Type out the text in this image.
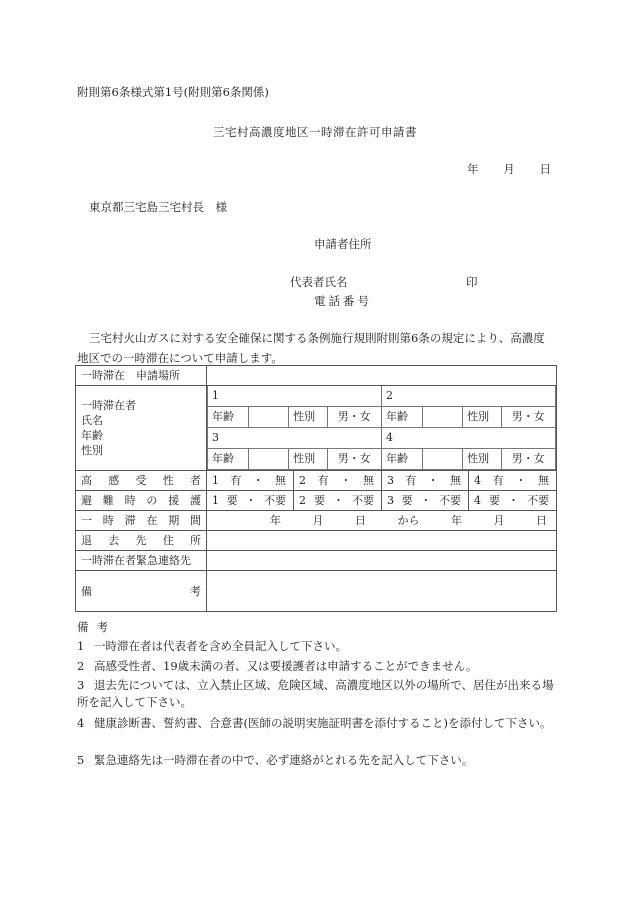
附則第6条様式第1号(附則第6条関係)
三宅村高濃度地区一時滞在許可申請書
年 月 日
東京都三宅島三宅村長　様
申請者住所
代表者氏名	印
電話番号
三宅村火山ガスに対する安全確保に関する条例施行規則附則第6条の規定により、高濃度地区での一時滞在について申請します。
一時滞在　申請場所	

一時滞在者
氏名
年齢
性別

1	2
年齢		性別	男・女	年齢		性別	男・女
3	4
年齢		性別	男・女	年齢		性別	男・女

高 感 受 性 者	1 有 ・ 無	2 有 ・ 無	3 有 ・ 無	4 有 ・ 無

避 難 時 の 援 護	1 要 ・ 不要	2 要 ・ 不要	3 要 ・ 不要	4 要 ・ 不要

一 時 滞 在 期 間	年	月	日	から	年	月	日

退 去 先 住 所

一時滞在者緊急連絡先	

備	考

備考
1 一時滞在者は代表者を含め全員記入して下さい。
2 高感受性者、19歳未満の者、又は要援護者は申請することができません。
3 退去先については、立入禁止区域、危険区域、高濃度地区以外の場所で、居住が出来る場所を記入して下さい。
4 健康診断書、誓約書、合意書(医師の説明実施証明書を添付すること)を添付して下さい。
5 緊急連絡先は一時滞在者の中で、必ず連絡がとれる先を記入して下さい。
